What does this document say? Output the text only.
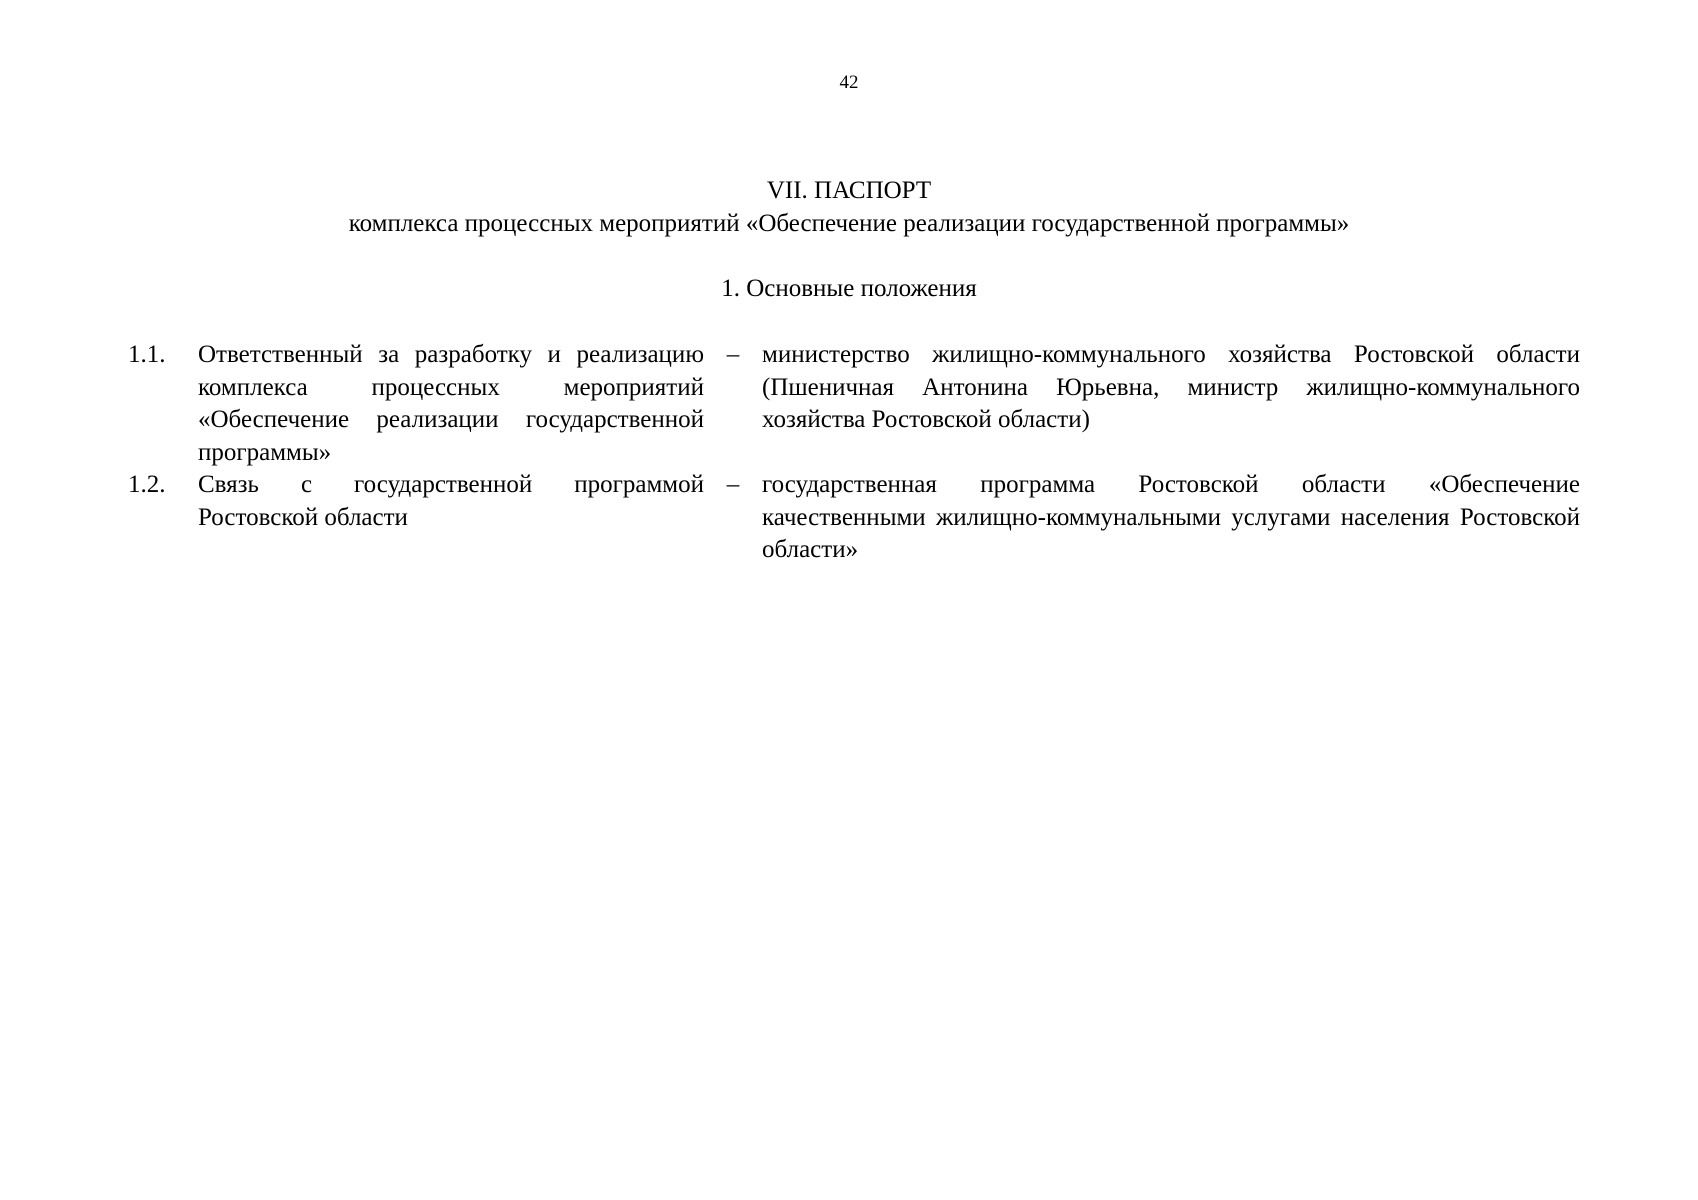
42
VII. ПАСПОРТ
комплекса процессных мероприятий «Обеспечение реализации государственной программы»
1. Основные положения
1.1.	Ответственный за разработку и реализацию комплекса процессных мероприятий «Обеспечение реализации государственной программы»
– министерство жилищно-коммунального хозяйства Ростовской области (Пшеничная Антонина Юрьевна, министр жилищно-коммунального хозяйства Ростовской области)
1.2.	Связь с государственной программой Ростовской области
– государственная программа Ростовской области «Обеспечение качественными жилищно-коммунальными услугами населения Ростовской области»
